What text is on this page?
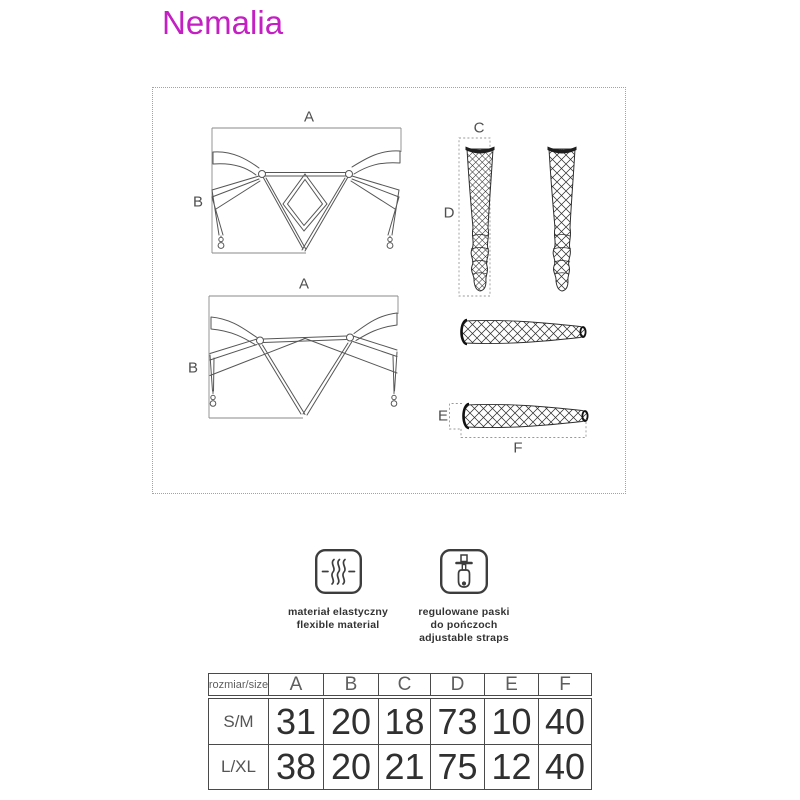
Nemalia
A
B
A
B
C
D
E
F
materiał elastyczny
flexible material
regulowane paski
do pończoch
adjustable straps
rozmiar/size	A	B	C	D	E	F
S/M 31 20 18 73 10 40
L/XL 38 20 21 75 12 40
